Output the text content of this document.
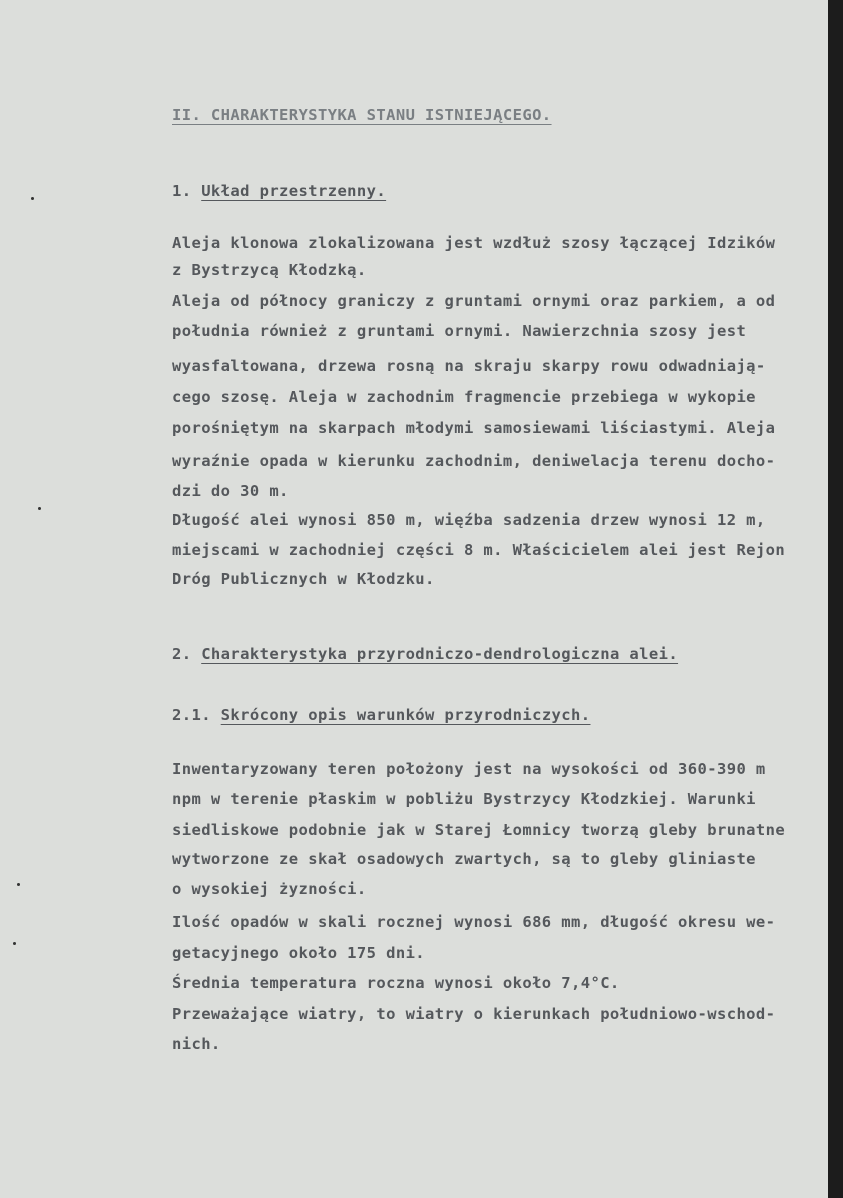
II. CHARAKTERYSTYKA STANU ISTNIEJĄCEGO.
1. Układ przestrzenny.
Aleja klonowa zlokalizowana jest wzdłuż szosy łączącej Idzików
z Bystrzycą Kłodzką.
Aleja od północy graniczy z gruntami ornymi oraz parkiem, a od
południa również z gruntami ornymi. Nawierzchnia szosy jest
wyasfaltowana, drzewa rosną na skraju skarpy rowu odwadniają-
cego szosę. Aleja w zachodnim fragmencie przebiega w wykopie
porośniętym na skarpach młodymi samosiewami liściastymi. Aleja
wyraźnie opada w kierunku zachodnim, deniwelacja terenu docho-
dzi do 30 m.
Długość alei wynosi 850 m, więźba sadzenia drzew wynosi 12 m,
miejscami w zachodniej części 8 m. Właścicielem alei jest Rejon
Dróg Publicznych w Kłodzku.
2. Charakterystyka przyrodniczo-dendrologiczna alei.
2.1. Skrócony opis warunków przyrodniczych.
Inwentaryzowany teren położony jest na wysokości od 360-390 m
npm w terenie płaskim w pobliżu Bystrzycy Kłodzkiej. Warunki
siedliskowe podobnie jak w Starej Łomnicy tworzą gleby brunatne
wytworzone ze skał osadowych zwartych, są to gleby gliniaste
o wysokiej żyzności.
Ilość opadów w skali rocznej wynosi 686 mm, długość okresu we-
getacyjnego około 175 dni.
Średnia temperatura roczna wynosi około 7,4°C.
Przeważające wiatry, to wiatry o kierunkach południowo-wschod-
nich.
